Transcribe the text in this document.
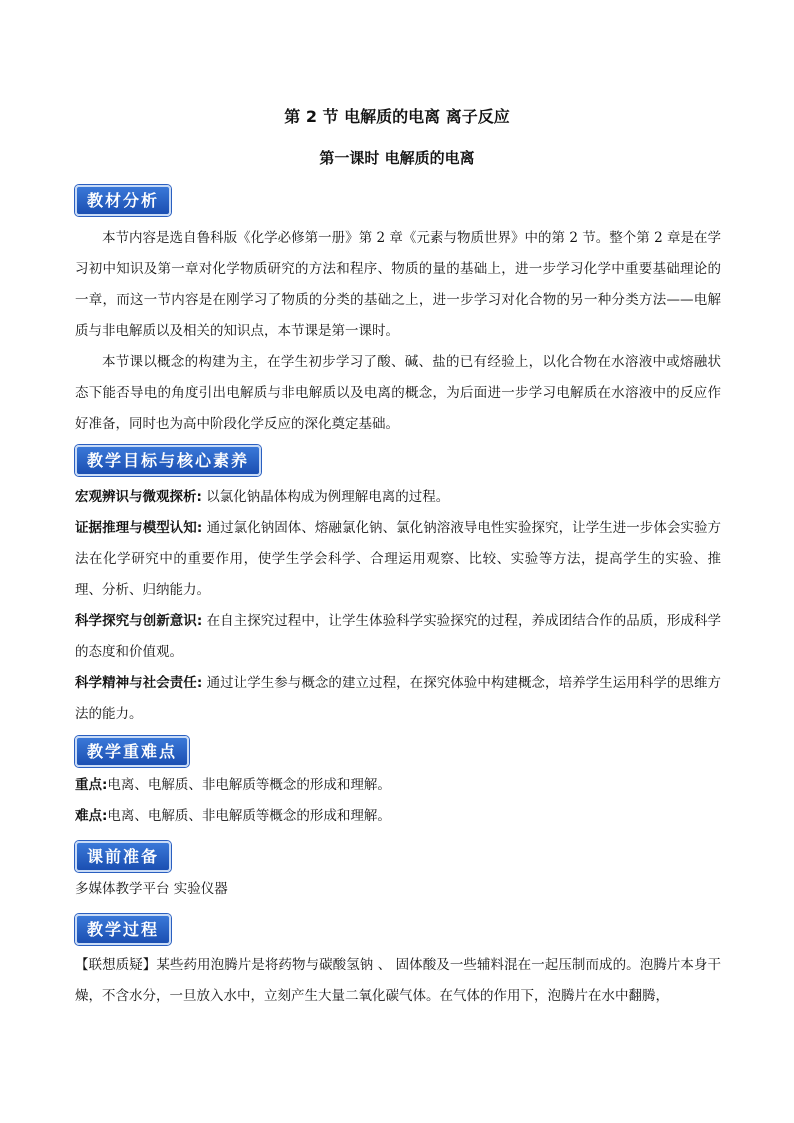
第 2 节 电解质的电离 离子反应
第一课时 电解质的电离
教材分析

本节内容是选自鲁科版《化学必修第一册》第 2 章《元素与物质世界》中的第 2 节。整个第 2 章是在学习初中知识及第一章对化学物质研究的方法和程序、物质的量的基础上，进一步学习化学中重要基础理论的一章，而这一节内容是在刚学习了物质的分类的基础之上，进一步学习对化合物的另一种分类方法——电解质与非电解质以及相关的知识点，本节课是第一课时。

本节课以概念的构建为主，在学生初步学习了酸、碱、盐的已有经验上，以化合物在水溶液中或熔融状态下能否导电的角度引出电解质与非电解质以及电离的概念，为后面进一步学习电解质在水溶液中的反应作好准备，同时也为高中阶段化学反应的深化奠定基础。

教学目标与核心素养

宏观辨识与微观探析: 以氯化钠晶体构成为例理解电离的过程。

证据推理与模型认知: 通过氯化钠固体、熔融氯化钠、氯化钠溶液导电性实验探究，让学生进一步体会实验方法在化学研究中的重要作用，使学生学会科学、合理运用观察、比较、实验等方法，提高学生的实验、推理、分析、归纳能力。

科学探究与创新意识: 在自主探究过程中，让学生体验科学实验探究的过程，养成团结合作的品质，形成科学的态度和价值观。

科学精神与社会责任: 通过让学生参与概念的建立过程，在探究体验中构建概念，培养学生运用科学的思维方法的能力。

教学重难点

重点:电离、电解质、非电解质等概念的形成和理解。

难点:电离、电解质、非电解质等概念的形成和理解。

课前准备

多媒体教学平台 实验仪器

教学过程

【联想质疑】某些药用泡腾片是将药物与碳酸氢钠 、 固体酸及一些辅料混在一起压制而成的。泡腾片本身干燥，不含水分，一旦放入水中，立刻产生大量二氧化碳气体。在气体的作用下，泡腾片在水中翻腾，
